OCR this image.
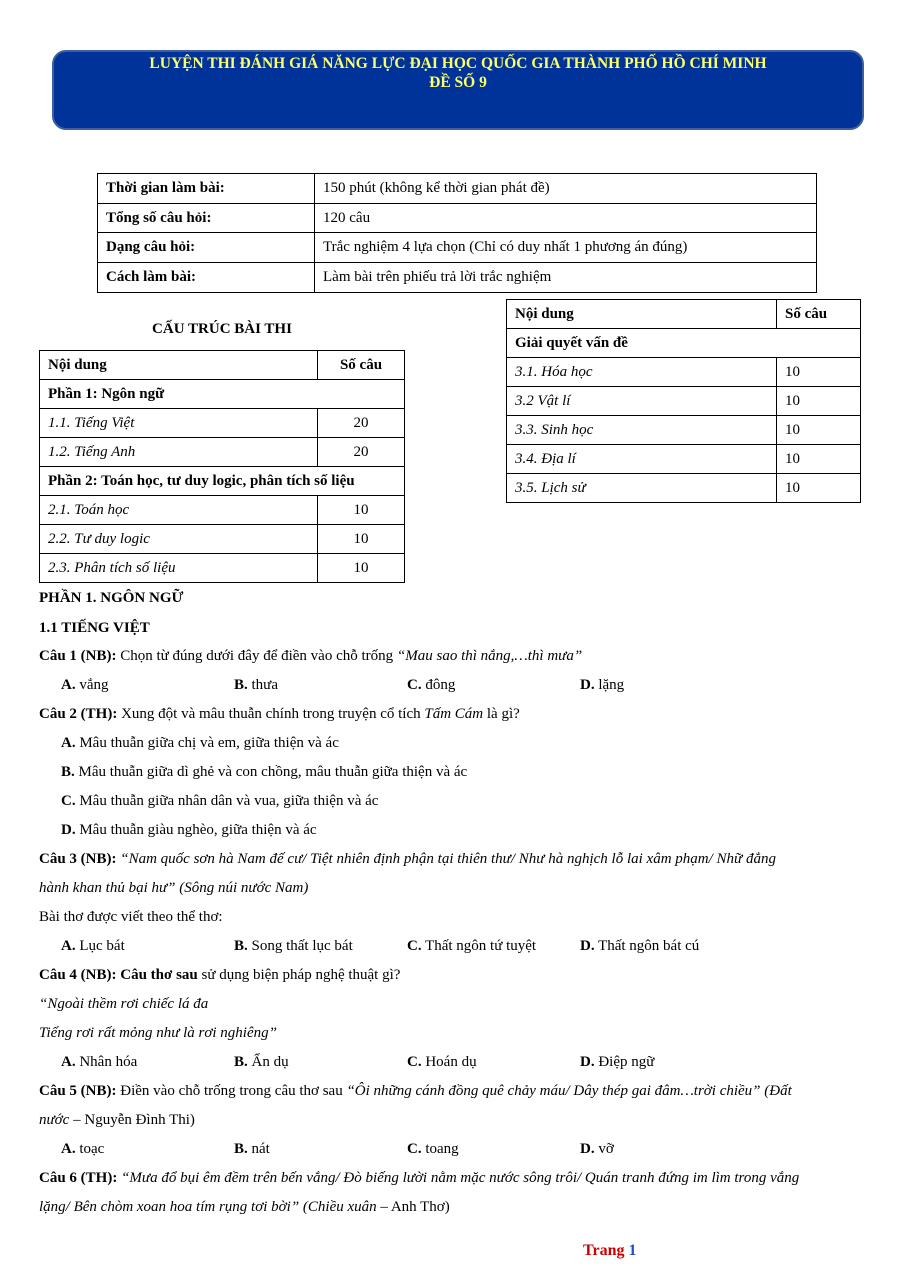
LUYỆN THI ĐÁNH GIÁ NĂNG LỰC ĐẠI HỌC QUỐC GIA THÀNH PHỐ HỒ CHÍ MINH
ĐỀ SỐ 9
Thời gian làm bài:	150 phút (không kể thời gian phát đề)
Tổng số câu hỏi:	120 câu
Dạng câu hỏi:	Trắc nghiệm 4 lựa chọn (Chỉ có duy nhất 1 phương án đúng)
Cách làm bài:	Làm bài trên phiếu trả lời trắc nghiệm
CẤU TRÚC BÀI THI
Nội dung	Số câu
Phần 1: Ngôn ngữ	
1.1. Tiếng Việt	20
1.2. Tiếng Anh	20
Phần 2: Toán học, tư duy logic, phân tích số liệu	
2.1. Toán học	10
2.2. Tư duy logic	10
2.3. Phân tích số liệu	10
Nội dung	Số câu
Giải quyết vấn đề	
3.1. Hóa học	10
3.2 Vật lí	10
3.3. Sinh học	10
3.4. Địa lí	10
3.5. Lịch sử	10
PHẦN 1. NGÔN NGỮ
1.1 TIẾNG VIỆT
Câu 1 (NB): Chọn từ đúng dưới đây để điền vào chỗ trống “Mau sao thì nắng,…thì mưa”
A. vắng	B. thưa	C. đông	D. lặng
Câu 2 (TH): Xung đột và mâu thuẫn chính trong truyện cổ tích Tấm Cám là gì?
A. Mâu thuẫn giữa chị và em, giữa thiện và ác
B. Mâu thuẫn giữa dì ghẻ và con chồng, mâu thuẫn giữa thiện và ác
C. Mâu thuẫn giữa nhân dân và vua, giữa thiện và ác
D. Mâu thuẫn giàu nghèo, giữa thiện và ác
Câu 3 (NB): “Nam quốc sơn hà Nam đế cư/ Tiệt nhiên định phận tại thiên thư/ Như hà nghịch lỗ lai xâm phạm/ Nhữ đẳng
hành khan thủ bại hư” (Sông núi nước Nam)
Bài thơ được viết theo thể thơ:
A. Lục bát	B. Song thất lục bát	C. Thất ngôn tứ tuyệt	D. Thất ngôn bát cú
Câu 4 (NB): Câu thơ sau sử dụng biện pháp nghệ thuật gì?
“Ngoài thềm rơi chiếc lá đa
Tiếng rơi rất mỏng như là rơi nghiêng”
A. Nhân hóa	B. Ẩn dụ	C. Hoán dụ	D. Điệp ngữ
Câu 5 (NB): Điền vào chỗ trống trong câu thơ sau “Ôi những cánh đồng quê chảy máu/ Dây thép gai đâm…trời chiều” (Đất
nước – Nguyễn Đình Thi)
A. toạc	B. nát	C. toang	D. vỡ
Câu 6 (TH): “Mưa đổ bụi êm đềm trên bến vắng/ Đò biếng lười nằm mặc nước sông trôi/ Quán tranh đứng im lìm trong vắng
lặng/ Bên chòm xoan hoa tím rụng tơi bời” (Chiều xuân – Anh Thơ)
Trang 1
